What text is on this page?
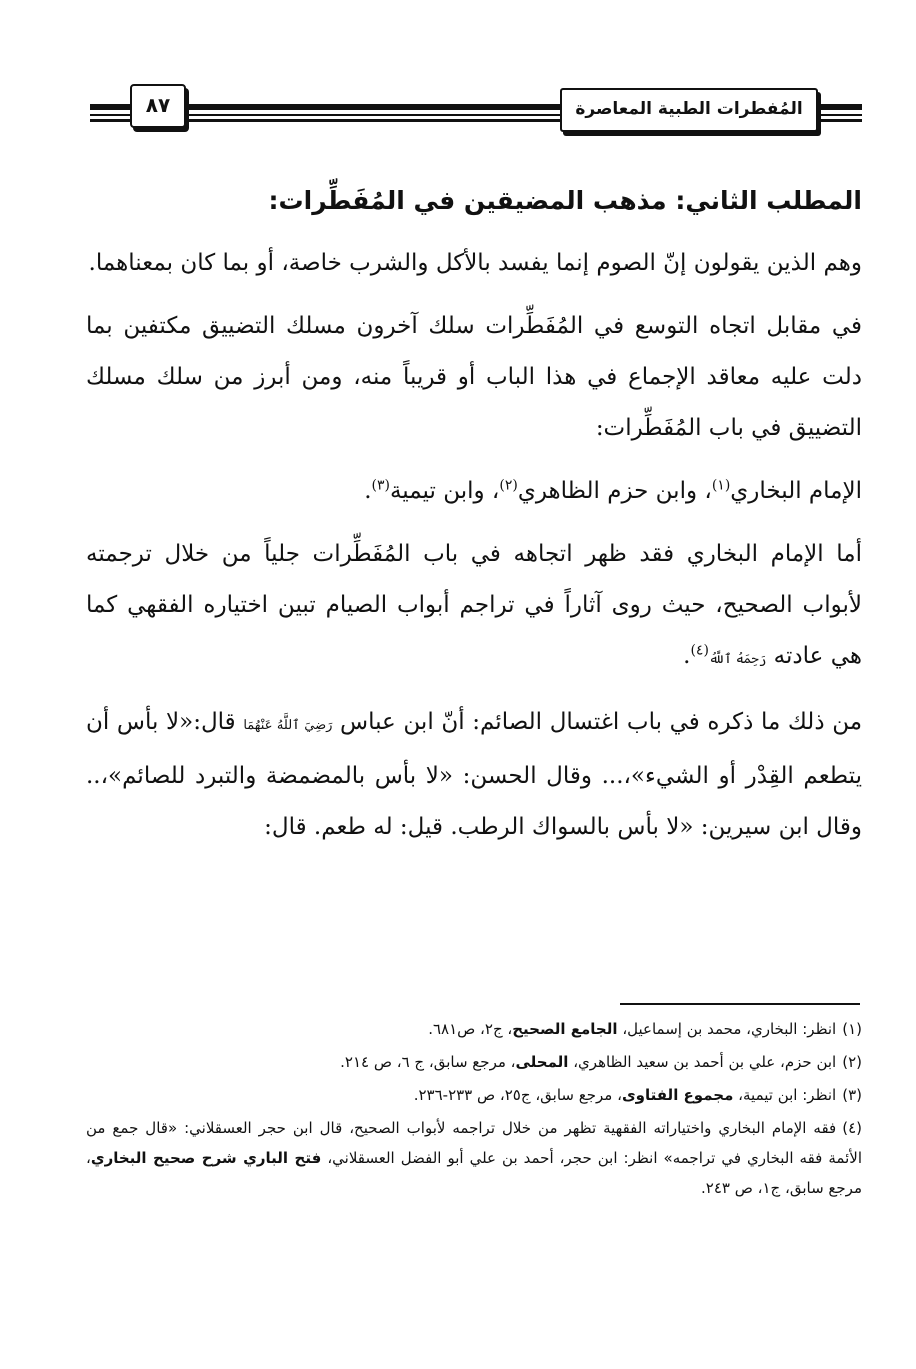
٨٧	المُفطرات الطبية المعاصرة
المطلب الثاني: مذهب المضيقين في المُفَطِّرات:

وهم الذين يقولون إنّ الصوم إنما يفسد بالأكل والشرب خاصة، أو بما كان بمعناهما.

في مقابل اتجاه التوسع في المُفَطِّرات سلك آخرون مسلك التضييق مكتفين بما دلت عليه معاقد الإجماع في هذا الباب أو قريباً منه، ومن أبرز من سلك مسلك التضييق في باب المُفَطِّرات:

الإمام البخاري$^{(١)}$، وابن حزم الظاهري$^{(٢)}$، وابن تيمية$^{(٣)}$.

أما الإمام البخاري فقد ظهر اتجاهه في باب المُفَطِّرات جلياً من خلال ترجمته لأبواب الصحيح، حيث روى آثاراً في تراجم أبواب الصيام تبين اختياره الفقهي كما هي عادته رَحِمَهُ ٱللَّهُ$^{(٤)}$.

من ذلك ما ذكره في باب اغتسال الصائم: أنّ ابن عباس رَضِيَ ٱللَّهُ عَنْهُمَا قال:«لا بأس أن يتطعم القِدْر أو الشيء»،... وقال الحسن: «لا بأس بالمضمضة والتبرد للصائم»،.. وقال ابن سيرين: «لا بأس بالسواك الرطب. قيل: له طعم. قال:

(١)انظر: البخاري، محمد بن إسماعيل، الجامع الصحيح، ج٢، ص٦٨١.

(٢)ابن حزم، علي بن أحمد بن سعيد الظاهري، المحلى، مرجع سابق، ج ٦، ص ٢١٤.

(٣)انظر: ابن تيمية، مجموع الفتاوى، مرجع سابق، ج٢٥، ص ٢٣٣-٢٣٦.

(٤)فقه الإمام البخاري واختياراته الفقهية تظهر من خلال تراجمه لأبواب الصحيح، قال ابن حجر العسقلاني: «قال جمع من الأئمة فقه البخاري في تراجمه» انظر: ابن حجر، أحمد بن علي أبو الفضل العسقلاني، فتح الباري شرح صحيح البخاري، مرجع سابق، ج١، ص ٢٤٣.
